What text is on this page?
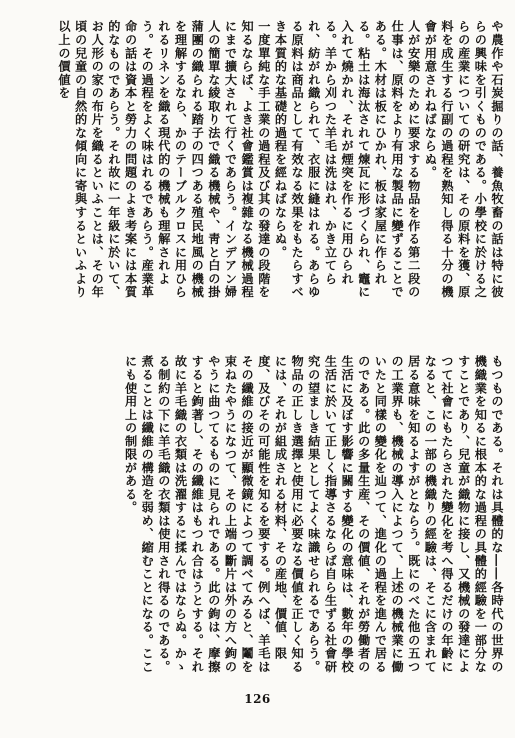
や農作や石炭掘りの話、養魚牧畜の話は特に彼らの興味を引くものである。小學校に於ける之らの産業についての研究は、その原料を獲、原料を成生する行副の過程を熟知し得る十分の機會が用意されねばならぬ。

人が安樂のために要求する物品を作る第二段の仕事は、原料をより有用な製品に變ずることである。木材は板にひかれ、板は家屋に作られる。粘土は海汰されて煉瓦に形づくられ、竈に入れて燒かれ、それが煙突を作るに用ひられる。羊から刈つた羊毛は洗はれ、かき立てられ、紡がれ織られて、衣服に縫はれる。あらゆる原料は商品として有效なる效果をもたらすべき本質的な基礎的過程を經ねばならぬ。

一度單純な手工業の過程及び其の發達の段階を知るならば、よき社會鑑賞は複雜なる機械過程にまで擴大されて行くであらう。インデアン婦人の簡單な綾取り法で織る機械や、靑と白の掛蒲團の織られる踏子の四つある殖民地風の機械を理解するなら、かのテーブルクロスに用ひられるリネンを織る現代的の機械も理解されよう。その過程をよく味はれるであらう。産業革命の話は資本と勞力の問題のよき考案には本質的なものであらう。それ故に一年級に於いて、お人形の家の布片を織るといふことは、その年頃の兒童の自然的な傾向に寄與するといふより以上の價値を

もつものである。それは具體的な――各時代の世界の機織業を知るに根本的な過程の具體的經驗を一部分なすことであり、兒童が織物に接し、又機械の發達によつて社會にもたらされた變化を考へ得るだけの年齡になると、この一部の機織りの經驗は、そこに含まれて居る意味を知るよすがとならう。既にのべた他の五つの工業界も、機械の導入によつて、上述の機械業に働いたと同樣の變化を辿つて、進化の過程を進んで居るのである。此の多量生産、その價値、それが勞働者の生活に及ぼす影響に關する變化の意味は、數年の學校生活に於いて正しく指導さるならば自ら生ずる社會研究の望ましき結果としてよく味識せられるであらう。

物品の正しき選擇と使用に必要なる價値を正しく知るには、それが組成される材料、その産地、價値、限度、及びその可能性を知るを要する。例へば、羊毛はその纖維の接近が顯微鏡によつて調べてみると、鬮を束ねたやうになつて、その上端の斷片は外の方へ鉤のやうに曲つてるものに見られである。此の鉤は、摩擦すると鉤著し、その纖維はもつれ合はうとする。それ故に羊毛織の衣類は洗濯するに揉んではならぬ。かゝる制約の下に羊毛織の衣類は使用され得るのである。煮ることは纖維の構造を弱め、縮むことになる。ここにも使用上の制限がある。

126
